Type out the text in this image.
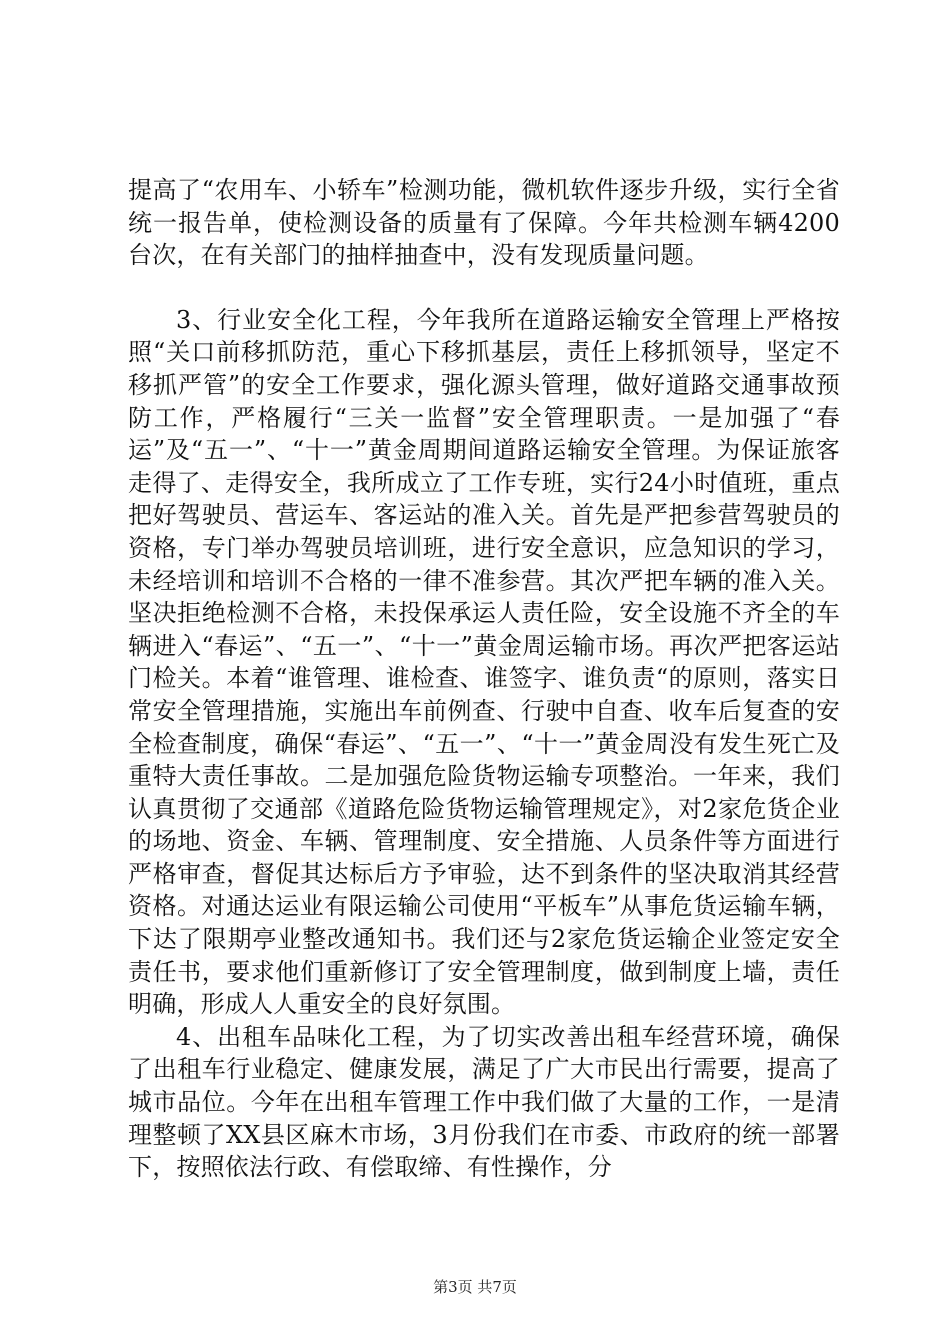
提高了“农用车、小轿车”检测功能，微机软件逐步升级，实行全省统一报告单，使检测设备的质量有了保障。今年共检测车辆4200台次，在有关部门的抽样抽查中，没有发现质量问题。

3、行业安全化工程，今年我所在道路运输安全管理上严格按照“关口前移抓防范，重心下移抓基层，责任上移抓领导，坚定不移抓严管”的安全工作要求，强化源头管理，做好道路交通事故预防工作，严格履行“三关一监督”安全管理职责。一是加强了“春运”及“五一”、“十一”黄金周期间道路运输安全管理。为保证旅客走得了、走得安全，我所成立了工作专班，实行24小时值班，重点把好驾驶员、营运车、客运站的准入关。首先是严把参营驾驶员的资格，专门举办驾驶员培训班，进行安全意识，应急知识的学习，未经培训和培训不合格的一律不准参营。其次严把车辆的准入关。坚决拒绝检测不合格，未投保承运人责任险，安全设施不齐全的车辆进入“春运”、“五一”、“十一”黄金周运输市场。再次严把客运站门检关。本着“谁管理、谁检查、谁签字、谁负责“的原则，落实日常安全管理措施，实施出车前例查、行驶中自查、收车后复查的安全检查制度，确保“春运”、“五一”、“十一”黄金周没有发生死亡及重特大责任事故。二是加强危险货物运输专项整治。一年来，我们认真贯彻了交通部《道路危险货物运输管理规定》，对2家危货企业的场地、资金、车辆、管理制度、安全措施、人员条件等方面进行严格审查，督促其达标后方予审验，达不到条件的坚决取消其经营资格。对通达运业有限运输公司使用“平板车”从事危货运输车辆，下达了限期亭业整改通知书。我们还与2家危货运输企业签定安全责任书，要求他们重新修订了安全管理制度，做到制度上墙，责任明确，形成人人重安全的良好氛围。

4、出租车品味化工程，为了切实改善出租车经营环境，确保了出租车行业稳定、健康发展，满足了广大市民出行需要，提高了城市品位。今年在出租车管理工作中我们做了大量的工作，一是清理整顿了XX县区麻木市场，3月份我们在市委、市政府的统一部署下，按照依法行政、有偿取缔、有性操作，分

第3页 共7页
